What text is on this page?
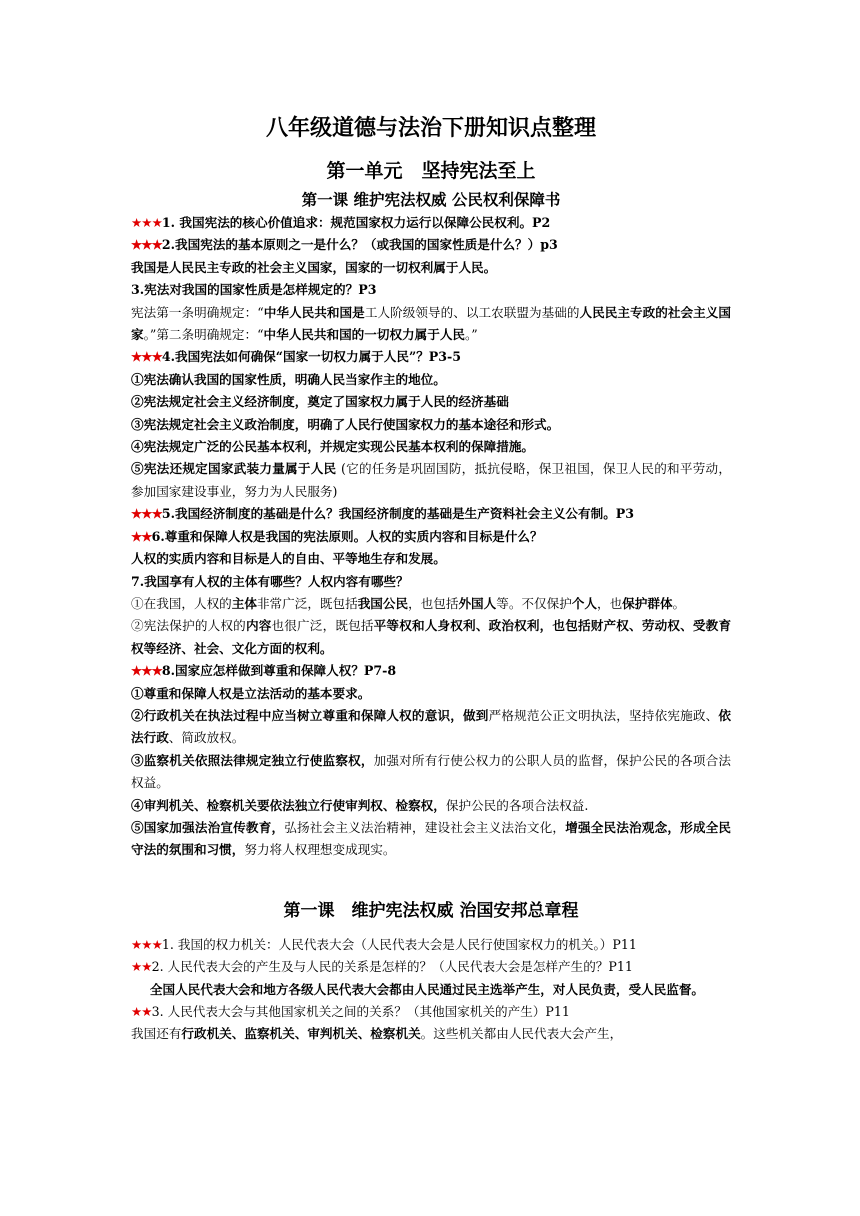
八年级道德与法治下册知识点整理
第一单元　坚持宪法至上
第一课 维护宪法权威 公民权利保障书

★★★1. 我国宪法的核心价值追求：规范国家权力运行以保障公民权利。P2

★★★2.我国宪法的基本原则之一是什么？（或我国的国家性质是什么？）p3

我国是人民民主专政的社会主义国家，国家的一切权利属于人民。

3.宪法对我国的国家性质是怎样规定的？P3

宪法第一条明确规定：“中华人民共和国是工人阶级领导的、以工农联盟为基础的人民民主专政的社会主义国家。”第二条明确规定：“中华人民共和国的一切权力属于人民。”

★★★4.我国宪法如何确保“国家一切权力属于人民”？P3-5

①宪法确认我国的国家性质，明确人民当家作主的地位。

②宪法规定社会主义经济制度，奠定了国家权力属于人民的经济基础

③宪法规定社会主义政治制度，明确了人民行使国家权力的基本途径和形式。

④宪法规定广泛的公民基本权利，并规定实现公民基本权利的保障措施。

⑤宪法还规定国家武装力量属于人民 (它的任务是巩固国防，抵抗侵略，保卫祖国，保卫人民的和平劳动，参加国家建设事业，努力为人民服务)

★★★5.我国经济制度的基础是什么？我国经济制度的基础是生产资料社会主义公有制。P3

★★6.尊重和保障人权是我国的宪法原则。人权的实质内容和目标是什么？

人权的实质内容和目标是人的自由、平等地生存和发展。

7.我国享有人权的主体有哪些？人权内容有哪些？

①在我国，人权的主体非常广泛，既包括我国公民，也包括外国人等。不仅保护个人，也保护群体。

②宪法保护的人权的内容也很广泛，既包括平等权和人身权利、政治权利，也包括财产权、劳动权、受教育权等经济、社会、文化方面的权利。

★★★8.国家应怎样做到尊重和保障人权？P7-8

①尊重和保障人权是立法活动的基本要求。

②行政机关在执法过程中应当树立尊重和保障人权的意识，做到严格规范公正文明执法，坚持依宪施政、依法行政、简政放权。

③监察机关依照法律规定独立行使监察权，加强对所有行使公权力的公职人员的监督，保护公民的各项合法权益。

④审判机关、检察机关要依法独立行使审判权、检察权，保护公民的各项合法权益.

⑤国家加强法治宣传教育，弘扬社会主义法治精神，建设社会主义法治文化，增强全民法治观念，形成全民守法的氛围和习惯，努力将人权理想变成现实。

第一课　维护宪法权威 治国安邦总章程

★★★1. 我国的权力机关：人民代表大会（人民代表大会是人民行使国家权力的机关。）P11

★★2. 人民代表大会的产生及与人民的关系是怎样的？（人民代表大会是怎样产生的？P11

全国人民代表大会和地方各级人民代表大会都由人民通过民主选举产生，对人民负责，受人民监督。

★★3. 人民代表大会与其他国家机关之间的关系？（其他国家机关的产生）P11

我国还有行政机关、监察机关、审判机关、检察机关。这些机关都由人民代表大会产生，
